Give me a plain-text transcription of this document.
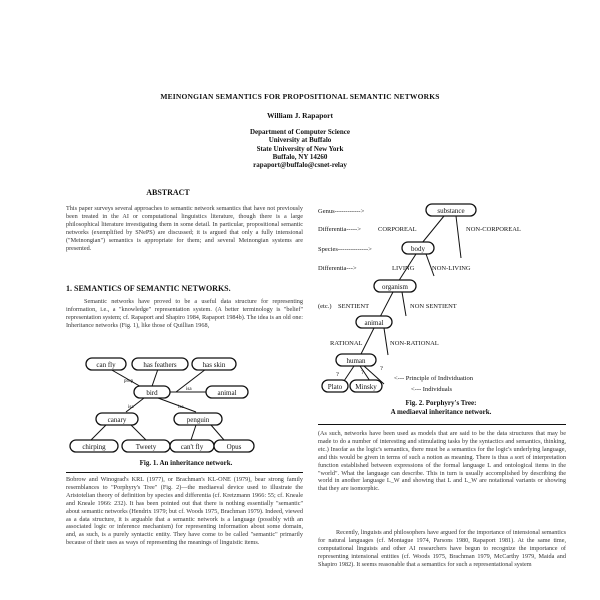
MEINONGIAN SEMANTICS FOR PROPOSITIONAL SEMANTIC NETWORKS
William J. Rapaport
Department of Computer Science
University at Buffalo
State University of New York
Buffalo, NY 14260
rapaport@buffalo@csnet-relay
ABSTRACT
This paper surveys several approaches to semantic network semantics that have not previously been treated in the AI or computational linguistics literature, though there is a large philosophical literature investigating them in some detail. In particular, propositional semantic networks (exemplified by SNePS) are discussed; it is argued that only a fully intensional ("Meinongian") semantics is appropriate for them; and several Meinongian systems are presented.
1. SEMANTICS OF SEMANTIC NETWORKS.
Semantic networks have proved to be a useful data structure for representing information, i.e., a "knowledge" representation system. (A better terminology is "belief" representation system; cf. Rapaport and Shapiro 1984, Rapaport 1984b). The idea is an old one: Inheritance networks (Fig. 1), like those of Quillian 1968,
can fly	has feathers	has skin
bird	animal
canary	penguin
chirping	Tweety	can't fly	Opus
prop
isa
isa	isa
Fig. 1. An inheritance network.
Bobrow and Winograd's KRL (1977), or Brachman's KL-ONE (1979), bear strong family resemblances to "Porphyry's Tree" (Fig. 2)—the mediaeval device used to illustrate the Aristotelian theory of definition by species and differentia (cf. Kretzmann 1966: 55; cf. Kneale and Kneale 1966: 232). It has been pointed out that there is nothing essentially "semantic" about semantic networks (Hendrix 1979; but cf. Woods 1975, Brachman 1979). Indeed, viewed as a data structure, it is arguable that a semantic network is a language (possibly with an associated logic or inference mechanism) for representing information about some domain, and, as such, is a purely syntactic entity. They have come to be called "semantic" primarily because of their uses as ways of representing the meanings of linguistic items.
substance
body
organism
animal
human
Plato Minsky
Genus------------>
Differentia----->
Species-------------->
Differentia--->
(etc.)
CORPOREAL	NON-CORPOREAL
LIVING	NON-LIVING
SENTIENT	NON SENTIENT
RATIONAL	NON-RATIONAL
<--- Principle of Individuation
<--- Individuals
?	?
?
Fig. 2. Porphyry's Tree:
A mediaeval inheritance network.
(As such, networks have been used as models that are said to be the data structures that may be made to do a number of interesting and stimulating tasks by the syntactics and semantics, thinking, etc.) Insofar as the logic's semantics, there must be a semantics for the logic's underlying language, and this would be given in terms of such a notion as meaning. There is thus a sort of interpretation function established between expressions of the formal language L and ontological items in the "world". What the language can describe. This in turn is usually accomplished by describing the world in another language L_W and showing that L and L_W are notational variants or showing that they are isomorphic.
Recently, linguists and philosophers have argued for the importance of intensional semantics for natural languages (cf. Montague 1974, Parsons 1980, Rapaport 1981). At the same time, computational linguists and other AI researchers have begun to recognize the importance of representing intensional entities (cf. Woods 1975, Brachman 1979, McCarthy 1979, Maida and Shapiro 1982). It seems reasonable that a semantics for such a representational system
